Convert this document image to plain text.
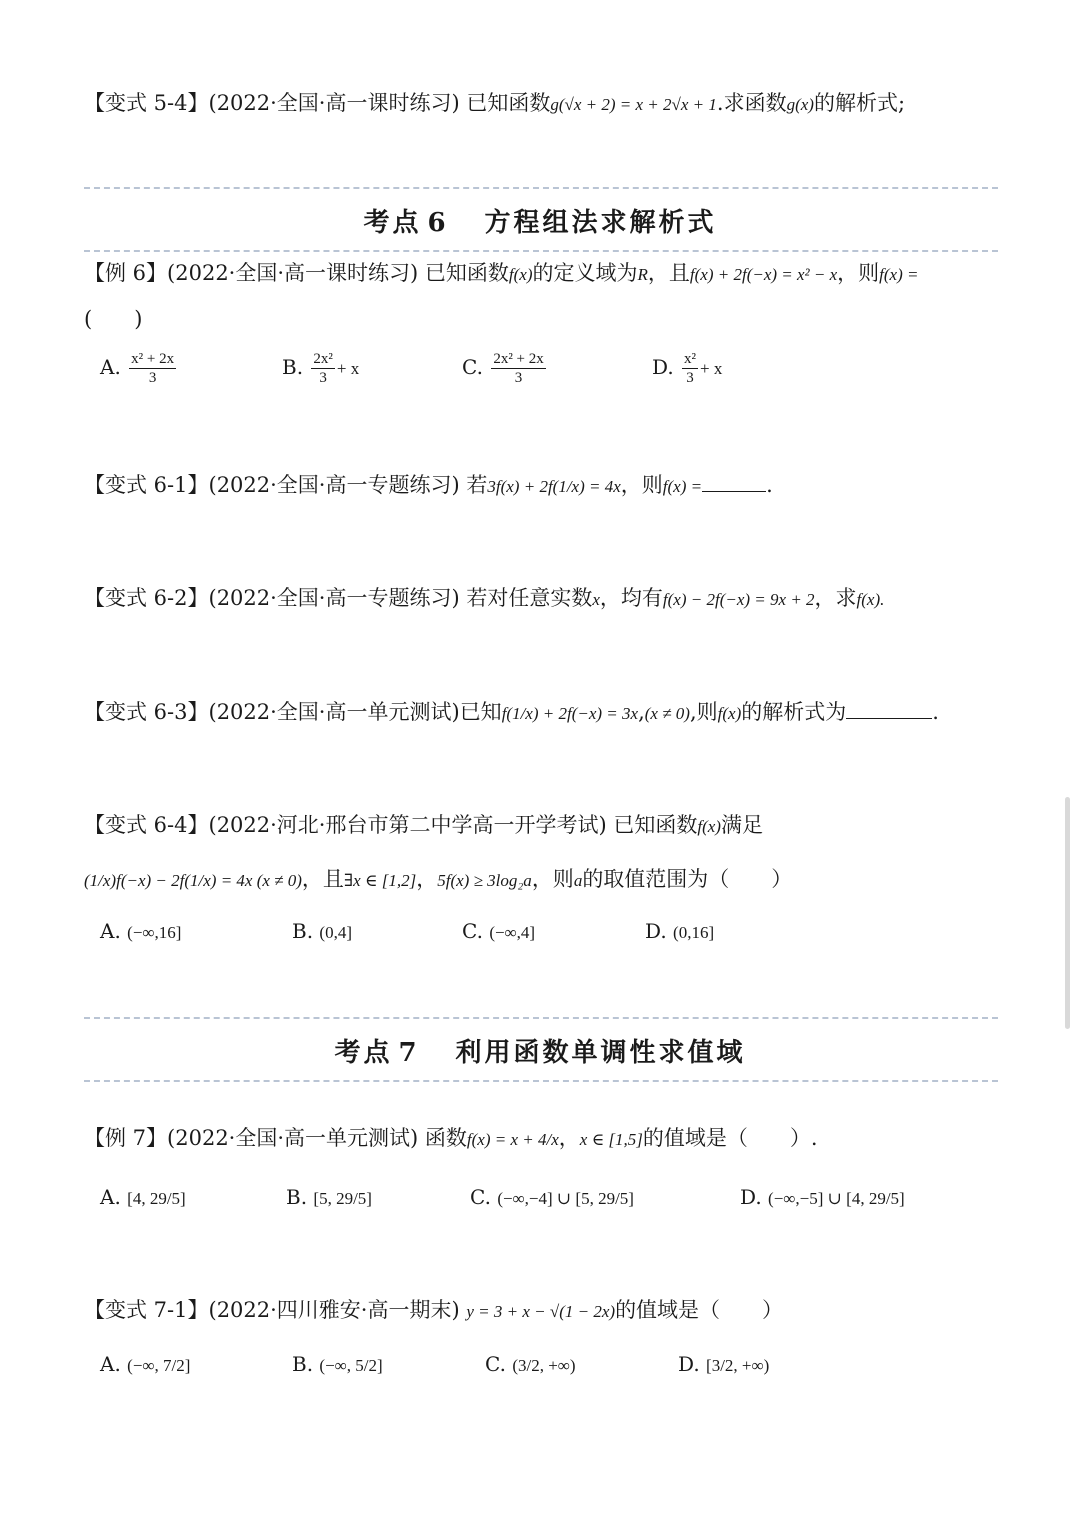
【变式 5-4】(2022·全国·高一课时练习) 已知函数g(√x + 2) = x + 2√x + 1.求函数g(x)的解析式;
考点 6 方程组法求解析式
【例 6】(2022·全国·高一课时练习) 已知函数f(x)的定义域为R，且f(x) + 2f(−x) = x² − x，则f(x) =
(　　)
A. $\frac{\text{x² + 2x}}{3}$	B. $\frac{\text{2x²}}{3} + x$	C. $\frac{\text{2x² + 2x}}{3}$	D. $\frac{\text{x²}}{3} + x$
【变式 6-1】(2022·全国·高一专题练习) 若3f(x) + 2f(1/x) = 4x，则f(x) =	.
【变式 6-2】(2022·全国·高一专题练习) 若对任意实数x，均有f(x) − 2f(−x) = 9x + 2，求f(x).
【变式 6-3】(2022·全国·高一单元测试)已知f(1/x) + 2f(−x) = 3x,(x ≠ 0),则f(x)的解析式为	.
【变式 6-4】(2022·河北·邢台市第二中学高一开学考试) 已知函数f(x)满足
(1/x)f(−x) − 2f(1/x) = 4x (x ≠ 0)，且∃x ∈ [1,2]，5f(x) ≥ 3log₂a，则a的取值范围为（　　）
A. (−∞,16]	B. (0,4]	C. (−∞,4]	D. (0,16]
考点 7 利用函数单调性求值域
【例 7】(2022·全国·高一单元测试) 函数f(x) = x + 4/x，x ∈ [1,5]的值域是（　　）.
A. [4, 29/5]	B. [5, 29/5]	C. (−∞,−4] ∪ [5, 29/5]	D. (−∞,−5] ∪ [4, 29/5]
【变式 7-1】(2022·四川雅安·高一期末) y = 3 + x − √(1 − 2x)的值域是（　　）
A. (−∞, 7/2]	B. (−∞, 5/2]	C. (3/2, +∞)	D. [3/2, +∞)
